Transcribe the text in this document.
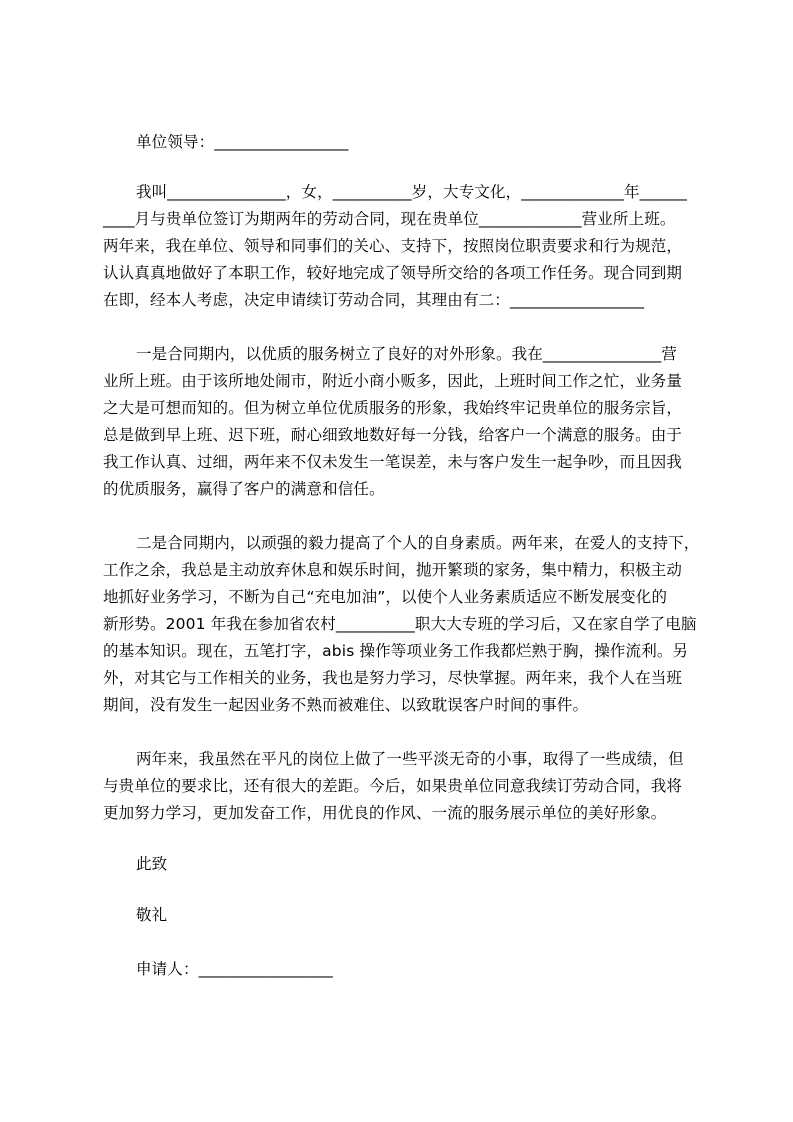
单位领导：_________________
我叫_______________，女，__________岁，大专文化，_____________年______
____月与贵单位签订为期两年的劳动合同，现在贵单位_____________营业所上班。
两年来，我在单位、领导和同事们的关心、支持下，按照岗位职责要求和行为规范，
认认真真地做好了本职工作，较好地完成了领导所交给的各项工作任务。现合同到期
在即，经本人考虑，决定申请续订劳动合同，其理由有二：_________________
一是合同期内，以优质的服务树立了良好的对外形象。我在_______________营
业所上班。由于该所地处闹市，附近小商小贩多，因此，上班时间工作之忙，业务量
之大是可想而知的。但为树立单位优质服务的形象，我始终牢记贵单位的服务宗旨，
总是做到早上班、迟下班，耐心细致地数好每一分钱，给客户一个满意的服务。由于
我工作认真、过细，两年来不仅未发生一笔误差，未与客户发生一起争吵，而且因我
的优质服务，赢得了客户的满意和信任。
二是合同期内，以顽强的毅力提高了个人的自身素质。两年来，在爱人的支持下，
工作之余，我总是主动放弃休息和娱乐时间，抛开繁琐的家务，集中精力，积极主动
地抓好业务学习，不断为自己“充电加油”，以使个人业务素质适应不断发展变化的
新形势。2001 年我在参加省农村__________职大大专班的学习后，又在家自学了电脑
的基本知识。现在，五笔打字，abis 操作等项业务工作我都烂熟于胸，操作流利。另
外，对其它与工作相关的业务，我也是努力学习，尽快掌握。两年来，我个人在当班
期间，没有发生一起因业务不熟而被难住、以致耽误客户时间的事件。
两年来，我虽然在平凡的岗位上做了一些平淡无奇的小事，取得了一些成绩，但
与贵单位的要求比，还有很大的差距。今后，如果贵单位同意我续订劳动合同，我将
更加努力学习，更加发奋工作，用优良的作风、一流的服务展示单位的美好形象。
此致
敬礼
申请人：_________________
